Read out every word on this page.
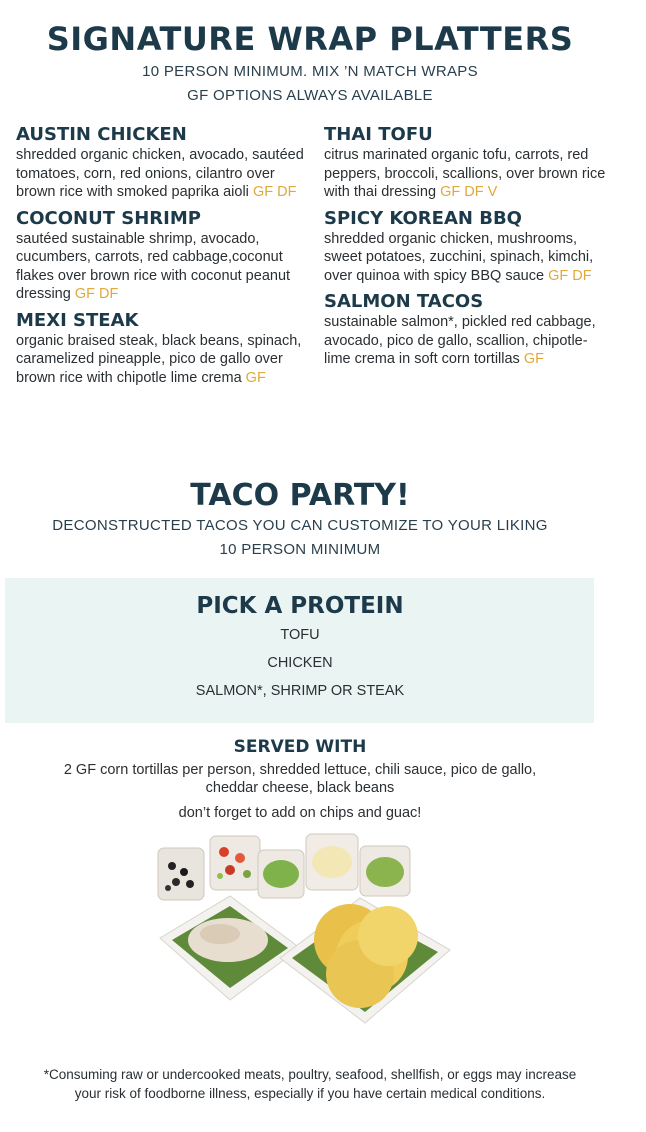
SIGNATURE WRAP PLATTERS
10 PERSON MINIMUM. MIX ’N MATCH WRAPS
GF OPTIONS ALWAYS AVAILABLE

AUSTIN CHICKEN

shredded organic chicken, avocado, sautéed tomatoes, corn, red onions, cilantro over brown rice with smoked paprika aioli GF DF

COCONUT SHRIMP

sautéed sustainable shrimp, avocado, cucumbers, carrots, red cabbage,coconut flakes over brown rice with coconut peanut dressing GF DF

MEXI STEAK

organic braised steak, black beans, spinach, caramelized pineapple, pico de gallo over brown rice with chipotle lime crema GF

THAI TOFU

citrus marinated organic tofu, carrots, red peppers, broccoli, scallions, over brown rice with thai dressing GF DF V

SPICY KOREAN BBQ

shredded organic chicken, mushrooms, sweet potatoes, zucchini, spinach, kimchi, over quinoa with spicy BBQ sauce GF DF

SALMON TACOS

sustainable salmon*, pickled red cabbage, avocado, pico de gallo, scallion, chipotle-lime crema in soft corn tortillas GF

TACO PARTY!
DECONSTRUCTED TACOS YOU CAN CUSTOMIZE TO YOUR LIKING
10 PERSON MINIMUM
PICK A PROTEIN
TOFU
CHICKEN
SALMON*, SHRIMP OR STEAK
SERVED WITH
2 GF corn tortillas per person, shredded lettuce, chili sauce, pico de gallo,
cheddar cheese, black beans
don’t forget to add on chips and guac!
*Consuming raw or undercooked meats, poultry, seafood, shellfish, or eggs may increase
your risk of foodborne illness, especially if you have certain medical conditions.
